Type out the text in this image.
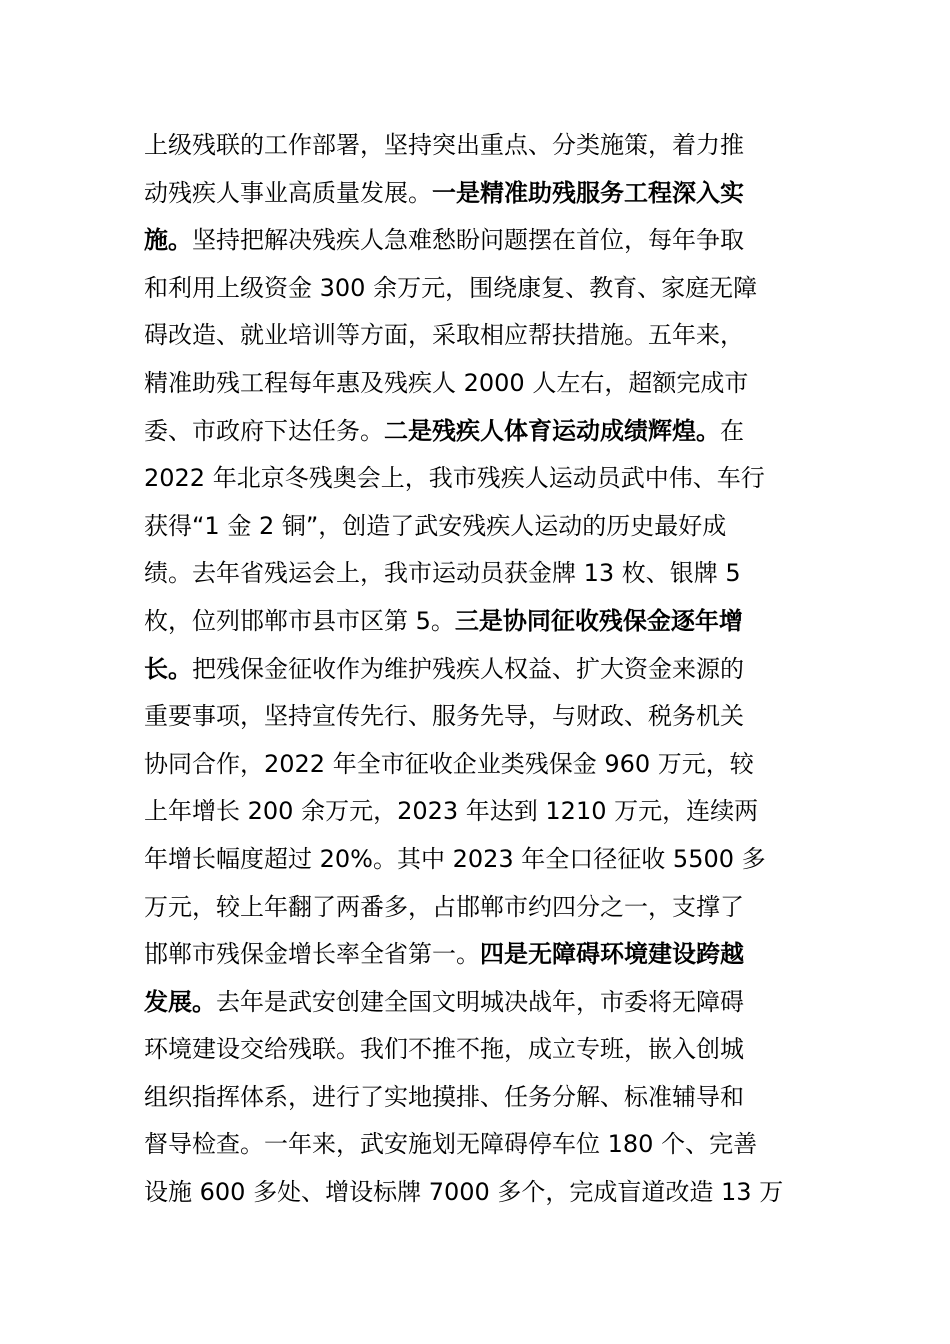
上级残联的工作部署，坚持突出重点、分类施策，着力推
动残疾人事业高质量发展。一是精准助残服务工程深入实
施。坚持把解决残疾人急难愁盼问题摆在首位，每年争取
和利用上级资金 300 余万元，围绕康复、教育、家庭无障
碍改造、就业培训等方面，采取相应帮扶措施。五年来，
精准助残工程每年惠及残疾人 2000 人左右，超额完成市
委、市政府下达任务。二是残疾人体育运动成绩辉煌。在
2022 年北京冬残奥会上，我市残疾人运动员武中伟、车行
获得“1 金 2 铜”，创造了武安残疾人运动的历史最好成
绩。去年省残运会上，我市运动员获金牌 13 枚、银牌 5
枚，位列邯郸市县市区第 5。三是协同征收残保金逐年增
长。把残保金征收作为维护残疾人权益、扩大资金来源的
重要事项，坚持宣传先行、服务先导，与财政、税务机关
协同合作，2022 年全市征收企业类残保金 960 万元，较
上年增长 200 余万元，2023 年达到 1210 万元，连续两
年增长幅度超过 20%。其中 2023 年全口径征收 5500 多
万元，较上年翻了两番多，占邯郸市约四分之一，支撑了
邯郸市残保金增长率全省第一。四是无障碍环境建设跨越
发展。去年是武安创建全国文明城决战年，市委将无障碍
环境建设交给残联。我们不推不拖，成立专班，嵌入创城
组织指挥体系，进行了实地摸排、任务分解、标准辅导和
督导检查。一年来，武安施划无障碍停车位 180 个、完善
设施 600 多处、增设标牌 7000 多个，完成盲道改造 13 万
